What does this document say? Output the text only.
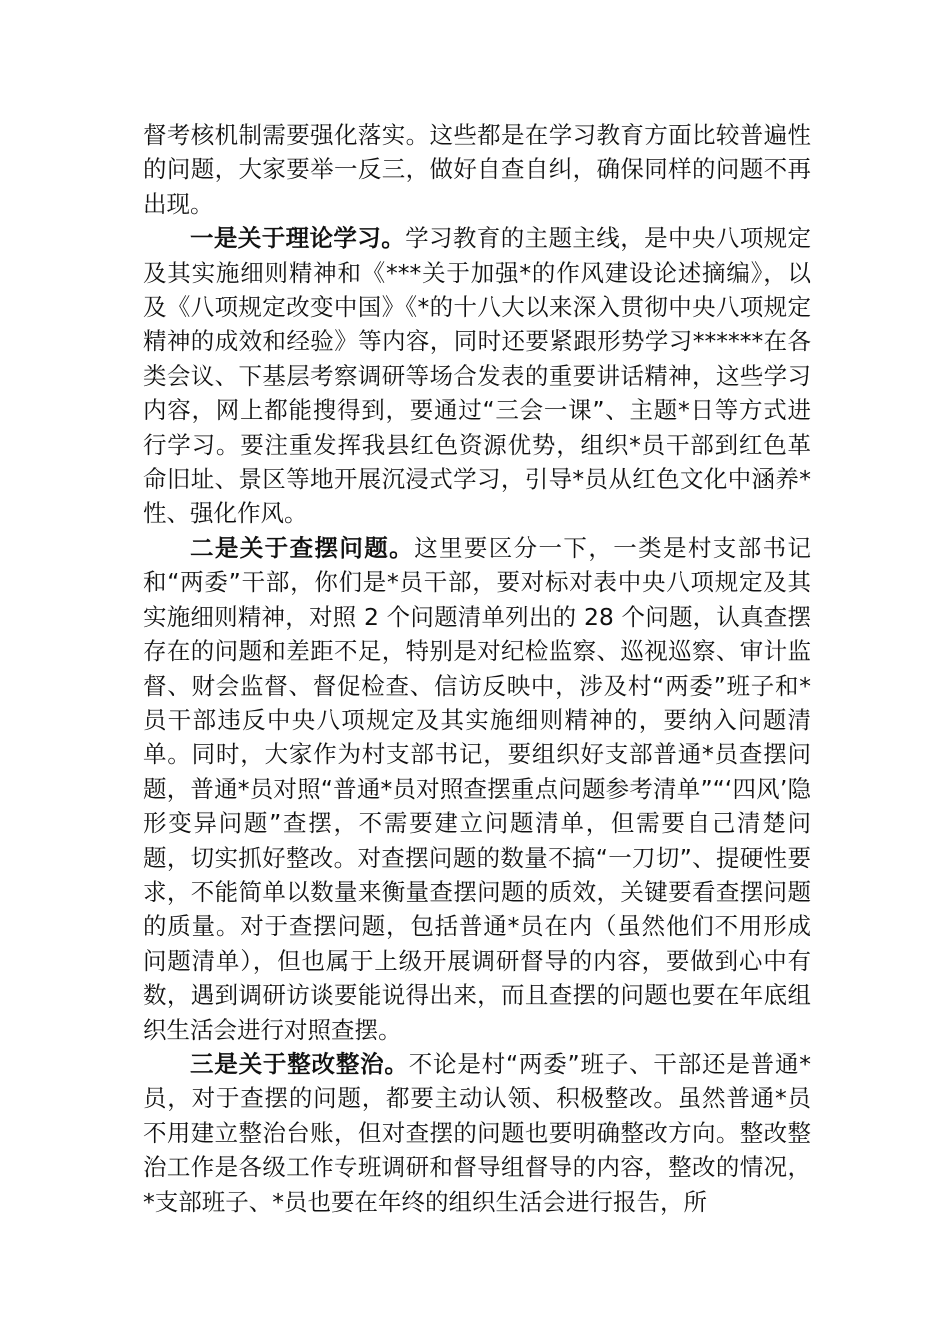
督考核机制需要强化落实。这些都是在学习教育方面比较普遍性的问题，大家要举一反三，做好自查自纠，确保同样的问题不再出现。

一是关于理论学习。学习教育的主题主线，是中央八项规定及其实施细则精神和《***关于加强*的作风建设论述摘编》，以及《八项规定改变中国》《*的十八大以来深入贯彻中央八项规定精神的成效和经验》等内容，同时还要紧跟形势学习******在各类会议、下基层考察调研等场合发表的重要讲话精神，这些学习内容，网上都能搜得到，要通过“三会一课”、主题*日等方式进行学习。要注重发挥我县红色资源优势，组织*员干部到红色革命旧址、景区等地开展沉浸式学习，引导*员从红色文化中涵养*性、强化作风。

二是关于查摆问题。这里要区分一下，一类是村支部书记和“两委”干部，你们是*员干部，要对标对表中央八项规定及其实施细则精神，对照 2 个问题清单列出的 28 个问题，认真查摆存在的问题和差距不足，特别是对纪检监察、巡视巡察、审计监督、财会监督、督促检查、信访反映中，涉及村“两委”班子和*员干部违反中央八项规定及其实施细则精神的，要纳入问题清单。同时，大家作为村支部书记，要组织好支部普通*员查摆问题，普通*员对照“普通*员对照查摆重点问题参考清单”“‘四风’隐形变异问题”查摆，不需要建立问题清单，但需要自己清楚问题，切实抓好整改。对查摆问题的数量不搞“一刀切”、提硬性要求，不能简单以数量来衡量查摆问题的质效，关键要看查摆问题的质量。对于查摆问题，包括普通*员在内（虽然他们不用形成问题清单），但也属于上级开展调研督导的内容，要做到心中有数，遇到调研访谈要能说得出来，而且查摆的问题也要在年底组织生活会进行对照查摆。

三是关于整改整治。不论是村“两委”班子、干部还是普通*员，对于查摆的问题，都要主动认领、积极整改。虽然普通*员不用建立整治台账，但对查摆的问题也要明确整改方向。整改整治工作是各级工作专班调研和督导组督导的内容，整改的情况，*支部班子、*员也要在年终的组织生活会进行报告，所
